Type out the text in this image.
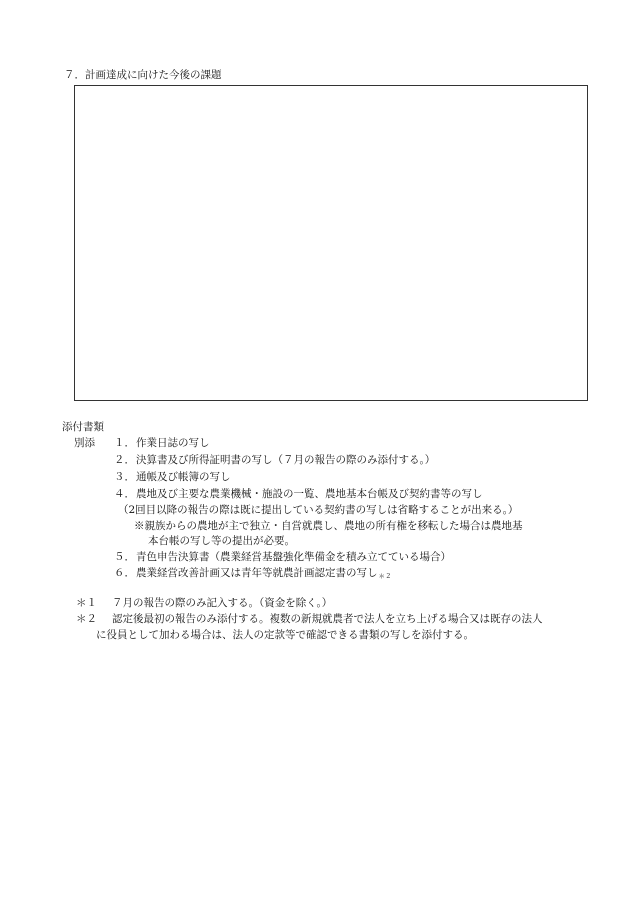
７．計画達成に向けた今後の課題
添付書類
別添 １． 作業日誌の写し
２． 決算書及び所得証明書の写し（７月の報告の際のみ添付する。）
３． 通帳及び帳簿の写し
４． 農地及び主要な農業機械・施設の一覧、農地基本台帳及び契約書等の写し
（2回目以降の報告の際は既に提出している契約書の写しは省略することが出来る。）
※親族からの農地が主で独立・自営就農し、農地の所有権を移転した場合は農地基
本台帳の写し等の提出が必要。
５． 青色申告決算書（農業経営基盤強化準備金を積み立てている場合）
６． 農業経営改善計画又は青年等就農計画認定書の写し＊２
＊１ ７月の報告の際のみ記入する。（資金を除く。）
＊２ 認定後最初の報告のみ添付する。複数の新規就農者で法人を立ち上げる場合又は既存の法人
に役員として加わる場合は、法人の定款等で確認できる書類の写しを添付する。
